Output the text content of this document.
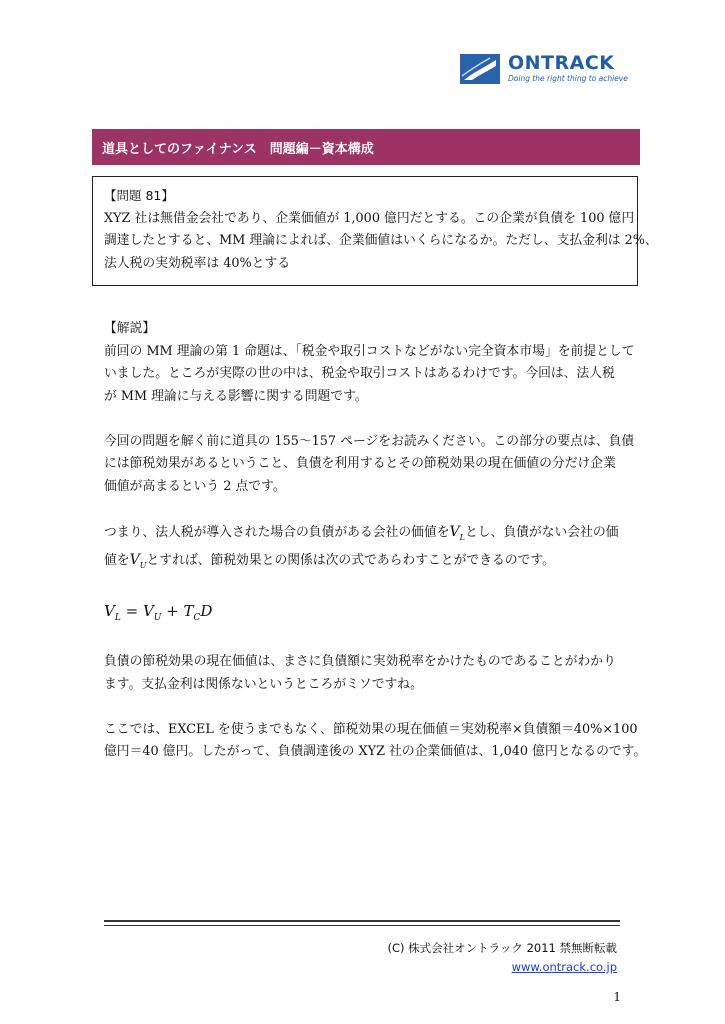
ONTRACK
Doing the right thing to achieve
道具としてのファイナンス　問題編－資本構成
【問題 81】
XYZ 社は無借金会社であり、企業価値が 1,000 億円だとする。この企業が負債を 100 億円
調達したとすると、MM 理論によれば、企業価値はいくらになるか。ただし、支払金利は 2%、
法人税の実効税率は 40%とする
【解説】
前回の MM 理論の第 1 命題は、「税金や取引コストなどがない完全資本市場」を前提として
いました。ところが実際の世の中は、税金や取引コストはあるわけです。今回は、法人税
が MM 理論に与える影響に関する問題です。
今回の問題を解く前に道具の 155～157 ページをお読みください。この部分の要点は、負債
には節税効果があるということ、負債を利用するとその節税効果の現在価値の分だけ企業
価値が高まるという 2 点です。
つまり、法人税が導入された場合の負債がある会社の価値を$V_L$とし、負債がない会社の価
値を$V_U$とすれば、節税効果との関係は次の式であらわすことができるのです。
$V_L = V_U + T_CD$
負債の節税効果の現在価値は、まさに負債額に実効税率をかけたものであることがわかり
ます。支払金利は関係ないというところがミソですね。
ここでは、EXCEL を使うまでもなく、節税効果の現在価値＝実効税率×負債額＝40%×100
億円＝40 億円。したがって、負債調達後の XYZ 社の企業価値は、1,040 億円となるのです。
(C) 株式会社オントラック 2011 禁無断転載
www.ontrack.co.jp
1
